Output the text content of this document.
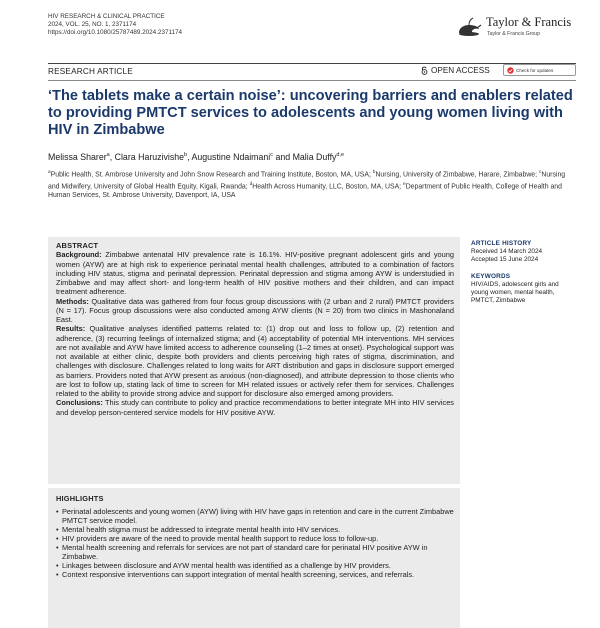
HIV RESEARCH & CLINICAL PRACTICE
2024, VOL. 25, NO. 1, 2371174
https://doi.org/10.1080/25787489.2024.2371174
Taylor & Francis
Taylor & Francis Group
RESEARCH ARTICLE	OPEN ACCESS	Check for updates
‘The tablets make a certain noise’: uncovering barriers and enablers related to providing PMTCT services to adolescents and young women living with HIV in Zimbabwe
Melissa Sharer$^a$, Clara Haruzivishe$^b$, Augustine Ndaimani$^c$ and Malia Duffy$^{d,e}$
$^a$Public Health, St. Ambrose University and John Snow Research and Training Institute, Boston, MA, USA; $^b$Nursing, University of Zimbabwe, Harare, Zimbabwe; $^c$Nursing and Midwifery, University of Global Health Equity, Kigali, Rwanda; $^d$Health Across Humanity, LLC, Boston, MA, USA; $^e$Department of Public Health, College of Health and Human Services, St. Ambrose University, Davenport, IA, USA
ABSTRACT

Background: Zimbabwe antenatal HIV prevalence rate is 16.1%. HIV-positive pregnant adolescent girls and young women (AYW) are at high risk to experience perinatal mental health challenges, attributed to a combination of factors including HIV status, stigma and perinatal depression. Perinatal depression and stigma among AYW is understudied in Zimbabwe and may affect short- and long-term health of HIV positive mothers and their children, and can impact treatment adherence.

Methods: Qualitative data was gathered from four focus group discussions with (2 urban and 2 rural) PMTCT providers (N = 17). Focus group discussions were also conducted among AYW clients (N = 20) from two clinics in Mashonaland East.

Results: Qualitative analyses identified patterns related to: (1) drop out and loss to follow up, (2) retention and adherence, (3) recurring feelings of internalized stigma; and (4) acceptability of potential MH interventions. MH services are not available and AYW have limited access to adherence counseling (1–2 times at onset). Psychological support was not available at either clinic, despite both providers and clients perceiving high rates of stigma, discrimination, and challenges with disclosure. Challenges related to long waits for ART distribution and gaps in disclosure support emerged as barriers. Providers noted that AYW present as anxious (non-diagnosed), and attribute depression to those clients who are lost to follow up, stating lack of time to screen for MH related issues or actively refer them for services. Challenges related to the ability to provide strong advice and support for disclosure also emerged among providers.

Conclusions: This study can contribute to policy and practice recommendations to better integrate MH into HIV services and develop person-centered service models for HIV positive AYW.

ARTICLE HISTORY
Received 14 March 2024
Accepted 15 June 2024
KEYWORDS
HIV/AIDS, adolescent girls and young women, mental health, PMTCT, Zimbabwe
HIGHLIGHTS
• Perinatal adolescents and young women (AYW) living with HIV have gaps in retention and care in the current Zimbabwe PMTCT service model.
• Mental health stigma must be addressed to integrate mental health into HIV services.
• HIV providers are aware of the need to provide mental health support to reduce loss to follow-up.
• Mental health screening and referrals for services are not part of standard care for perinatal HIV positive AYW in Zimbabwe.
• Linkages between disclosure and AYW mental health was identified as a challenge by HIV providers.
• Context responsive interventions can support integration of mental health screening, services, and referrals.
